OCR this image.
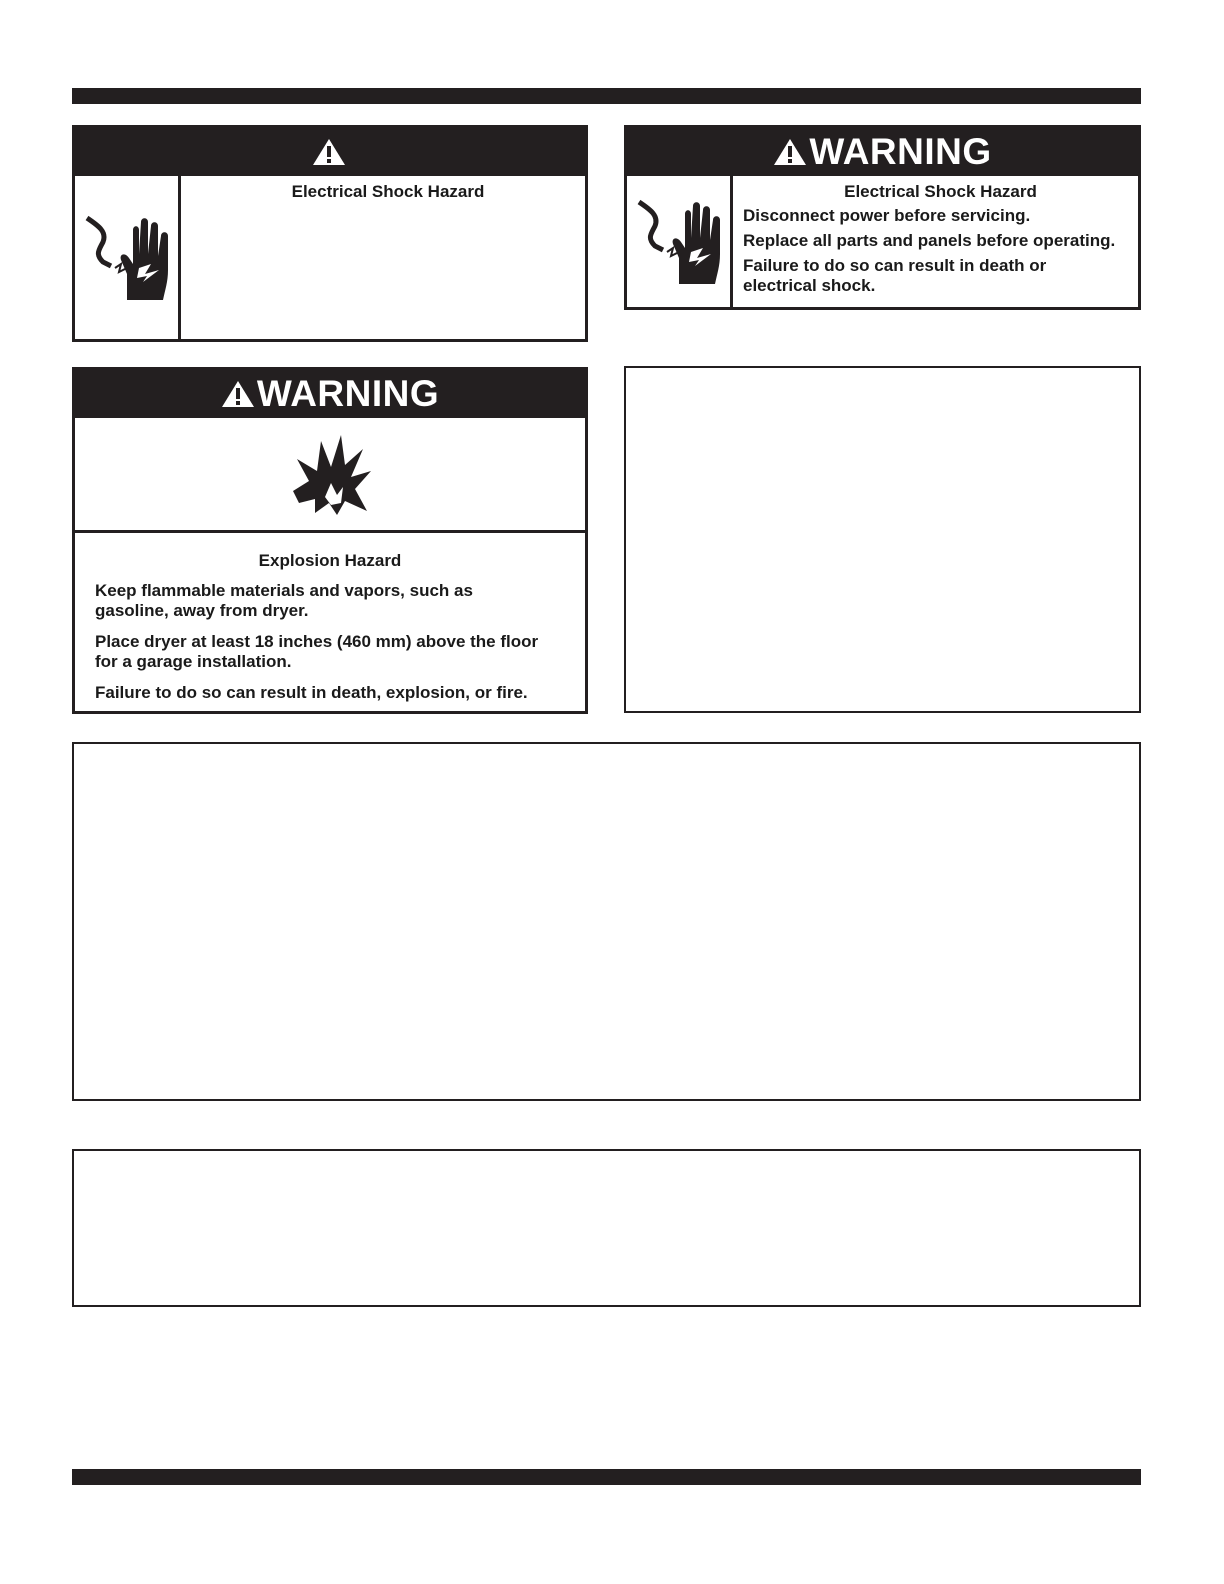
Electrical Shock Hazard

WARNING

Electrical Shock Hazard

Disconnect power before servicing.

Replace all parts and panels before operating.

Failure to do so can result in death or electrical shock.

WARNING

Explosion Hazard

Keep flammable materials and vapors, such as gasoline, away from dryer.

Place dryer at least 18 inches (460 mm) above the floor for a garage installation.

Failure to do so can result in death, explosion, or fire.
